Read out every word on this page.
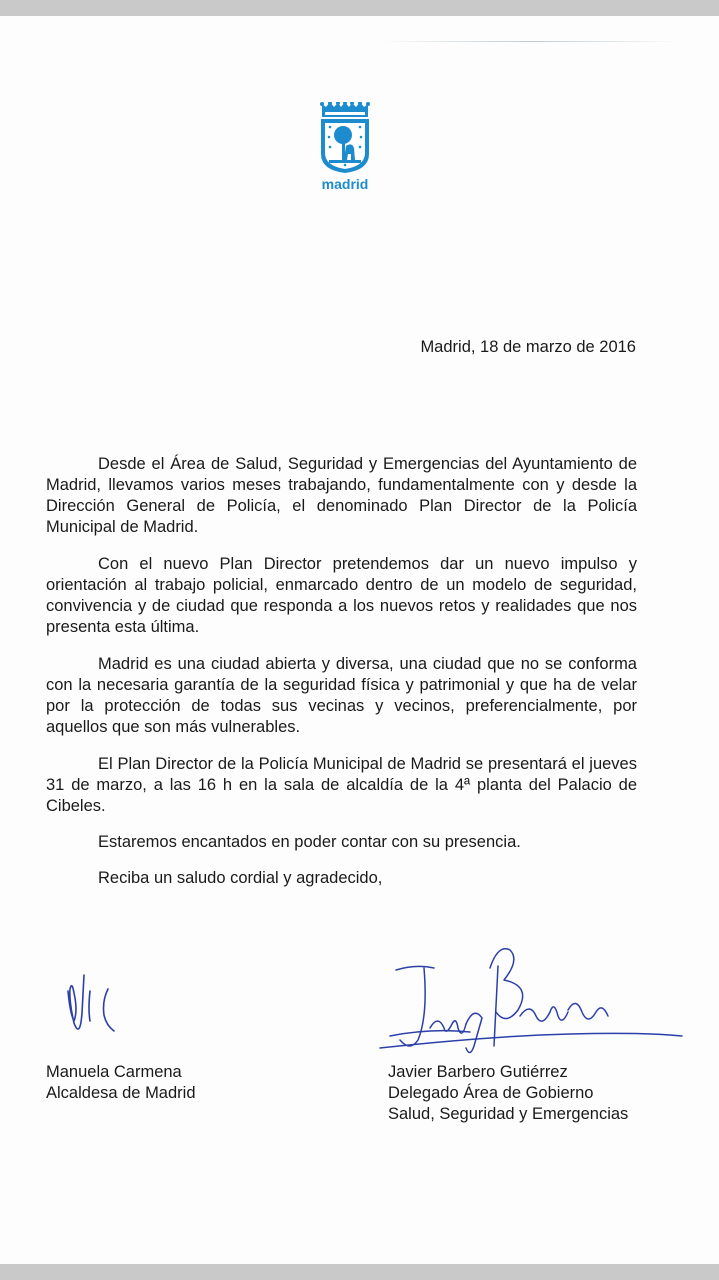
madrid
Madrid, 18 de marzo de 2016
Desde el Área de Salud, Seguridad y Emergencias del Ayuntamiento de Madrid, llevamos varios meses trabajando, fundamentalmente con y desde la Dirección General de Policía, el denominado Plan Director de la Policía Municipal de Madrid.
Con el nuevo Plan Director pretendemos dar un nuevo impulso y orientación al trabajo policial, enmarcado dentro de un modelo de seguridad, convivencia y de ciudad que responda a los nuevos retos y realidades que nos presenta esta última.
Madrid es una ciudad abierta y diversa, una ciudad que no se conforma con la necesaria garantía de la seguridad física y patrimonial y que ha de velar por la protección de todas sus vecinas y vecinos, preferencialmente, por aquellos que son más vulnerables.
El Plan Director de la Policía Municipal de Madrid se presentará el jueves 31 de marzo, a las 16 h en la sala de alcaldía de la 4ª planta del Palacio de Cibeles.
Estaremos encantados en poder contar con su presencia.
Reciba un saludo cordial y agradecido,
Manuela Carmena
Alcaldesa de Madrid
Javier Barbero Gutiérrez
Delegado Área de Gobierno
Salud, Seguridad y Emergencias
